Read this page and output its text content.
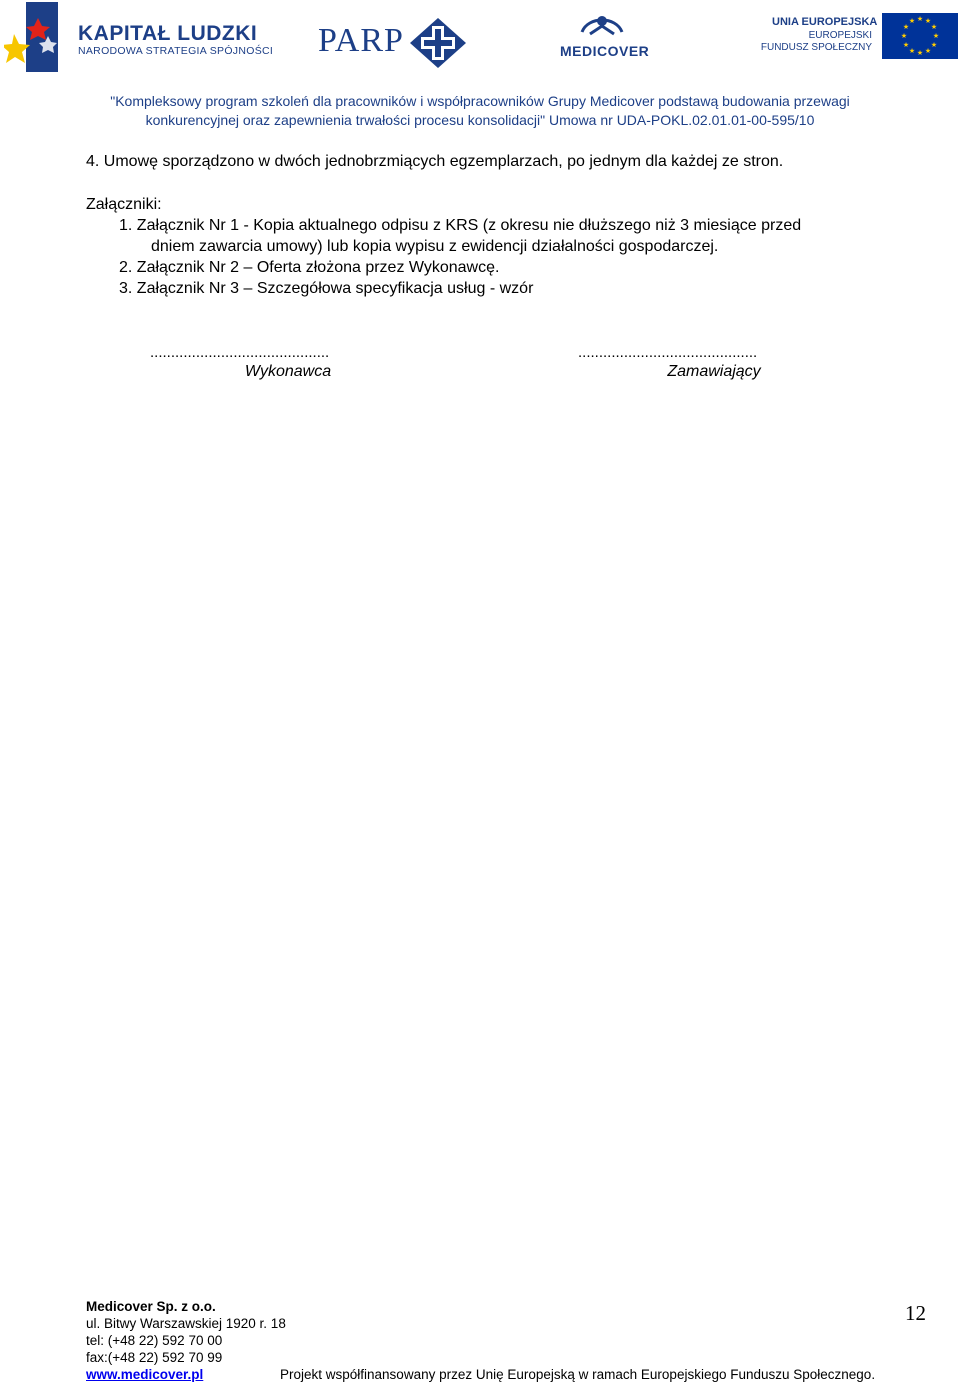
KAPITAŁ LUDZKI
NARODOWA STRATEGIA SPÓJNOŚCI PARP	MEDICOVER
UNIA EUROPEJSKA
EUROPEJSKI
FUNDUSZ SPOŁECZNY
★ ★
★
★
★
★
★
★
★
★
★
★
"Kompleksowy program szkoleń dla pracowników i współpracowników Grupy Medicover podstawą budowania przewagi
konkurencyjnej oraz zapewnienia trwałości procesu konsolidacji" Umowa nr UDA-POKL.02.01.01-00-595/10
4. Umowę sporządzono w dwóch jednobrzmiących egzemplarzach, po jednym dla każdej ze stron.
Załączniki:
1. Załącznik Nr 1 - Kopia aktualnego odpisu z KRS (z okresu nie dłuższego niż 3 miesiące przed
dniem zawarcia umowy) lub kopia wypisu z ewidencji działalności gospodarczej.
2. Załącznik Nr 2 – Oferta złożona przez Wykonawcę.
3. Załącznik Nr 3 – Szczegółowa specyfikacja usług - wzór
...........................................
Wykonawca
...........................................
Zamawiający
Medicover Sp. z o.o.
ul. Bitwy Warszawskiej 1920 r. 18
tel: (+48 22) 592 70 00
fax:(+48 22) 592 70 99
www.medicover.pl	Projekt współfinansowany przez Unię Europejską w ramach Europejskiego Funduszu Społecznego.
12
